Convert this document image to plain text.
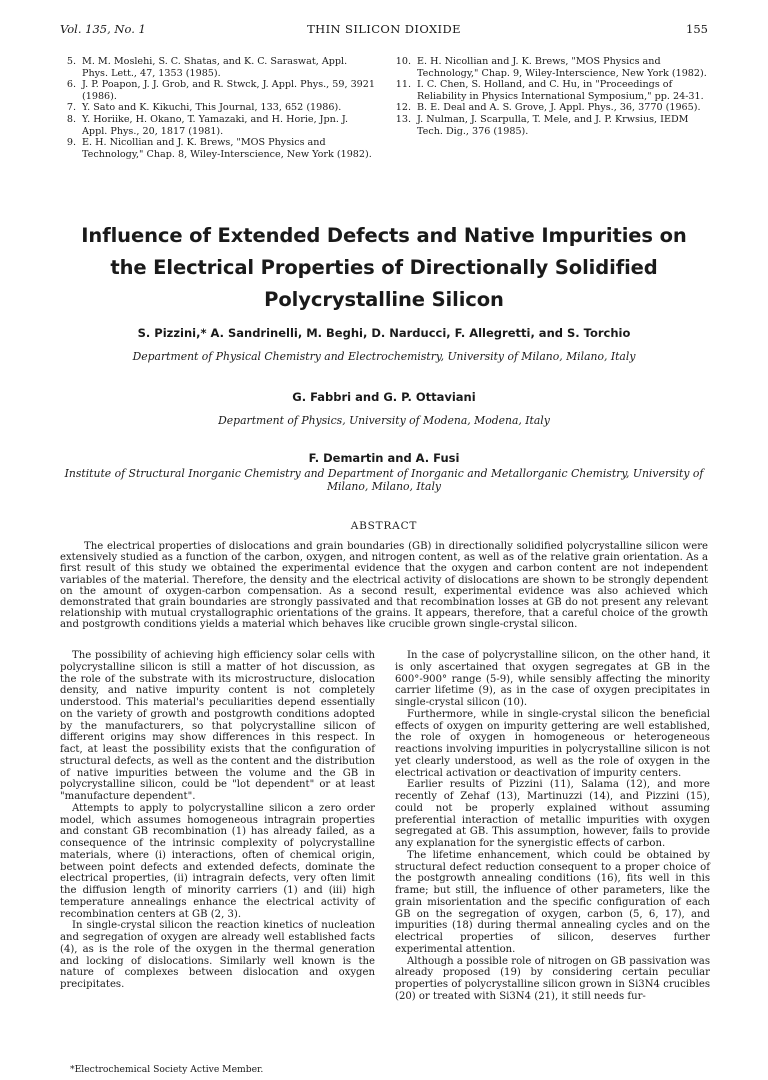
Vol. 135, No. 1	THIN SILICON DIOXIDE	155

5. M. M. Moslehi, S. C. Shatas, and K. C. Saraswat, Appl. Phys. Lett., 47, 1353 (1985).

6. J. P. Poapon, J. J. Grob, and R. Stwck, J. Appl. Phys., 59, 3921 (1986).

7. Y. Sato and K. Kikuchi, This Journal, 133, 652 (1986).

8. Y. Horiike, H. Okano, T. Yamazaki, and H. Horie, Jpn. J. Appl. Phys., 20, 1817 (1981).

9. E. H. Nicollian and J. K. Brews, "MOS Physics and Technology," Chap. 8, Wiley-Interscience, New York (1982).

10. E. H. Nicollian and J. K. Brews, "MOS Physics and Technology," Chap. 9, Wiley-Interscience, New York (1982).

11. I. C. Chen, S. Holland, and C. Hu, in "Proceedings of Reliability in Physics International Symposium," pp. 24-31.

12. B. E. Deal and A. S. Grove, J. Appl. Phys., 36, 3770 (1965).

13. J. Nulman, J. Scarpulla, T. Mele, and J. P. Krwsius, IEDM Tech. Dig., 376 (1985).

Influence of Extended Defects and Native Impurities on the Electrical Properties of Directionally Solidified Polycrystalline Silicon
S. Pizzini,* A. Sandrinelli, M. Beghi, D. Narducci, F. Allegretti, and S. Torchio
Department of Physical Chemistry and Electrochemistry, University of Milano, Milano, Italy
G. Fabbri and G. P. Ottaviani
Department of Physics, University of Modena, Modena, Italy
F. Demartin and A. Fusi
Institute of Structural Inorganic Chemistry and Department of Inorganic and Metallorganic Chemistry, University of Milano, Milano, Italy
ABSTRACT

The electrical properties of dislocations and grain boundaries (GB) in directionally solidified polycrystalline silicon were extensively studied as a function of the carbon, oxygen, and nitrogen content, as well as of the relative grain orientation. As a first result of this study we obtained the experimental evidence that the oxygen and carbon content are not independent variables of the material. Therefore, the density and the electrical activity of dislocations are shown to be strongly dependent on the amount of oxygen-carbon compensation. As a second result, experimental evidence was also achieved which demonstrated that grain boundaries are strongly passivated and that recombination losses at GB do not present any relevant relationship with mutual crystallographic orientations of the grains. It appears, therefore, that a careful choice of the growth and postgrowth conditions yields a material which behaves like crucible grown single-crystal silicon.

The possibility of achieving high efficiency solar cells with polycrystalline silicon is still a matter of hot discussion, as the role of the substrate with its microstructure, dislocation density, and native impurity content is not completely understood. This material's peculiarities depend essentially on the variety of growth and postgrowth conditions adopted by the manufacturers, so that polycrystalline silicon of different origins may show differences in this respect. In fact, at least the possibility exists that the configuration of structural defects, as well as the content and the distribution of native impurities between the volume and the GB in polycrystalline silicon, could be "lot dependent" or at least "manufacture dependent".

Attempts to apply to polycrystalline silicon a zero order model, which assumes homogeneous intragrain properties and constant GB recombination (1) has already failed, as a consequence of the intrinsic complexity of polycrystalline materials, where (i) interactions, often of chemical origin, between point defects and extended defects, dominate the electrical properties, (ii) intragrain defects, very often limit the diffusion length of minority carriers (1) and (iii) high temperature annealings enhance the electrical activity of recombination centers at GB (2, 3).

In single-crystal silicon the reaction kinetics of nucleation and segregation of oxygen are already well established facts (4), as is the role of the oxygen in the thermal generation and locking of dislocations. Similarly well known is the nature of complexes between dislocation and oxygen precipitates.

In the case of polycrystalline silicon, on the other hand, it is only ascertained that oxygen segregates at GB in the 600°-900° range (5-9), while sensibly affecting the minority carrier lifetime (9), as in the case of oxygen precipitates in single-crystal silicon (10).

Furthermore, while in single-crystal silicon the beneficial effects of oxygen on impurity gettering are well established, the role of oxygen in homogeneous or heterogeneous reactions involving impurities in polycrystalline silicon is not yet clearly understood, as well as the role of oxygen in the electrical activation or deactivation of impurity centers.

Earlier results of Pizzini (11), Salama (12), and more recently of Zehaf (13), Martinuzzi (14), and Pizzini (15), could not be properly explained without assuming preferential interaction of metallic impurities with oxygen segregated at GB. This assumption, however, fails to provide any explanation for the synergistic effects of carbon.

The lifetime enhancement, which could be obtained by structural defect reduction consequent to a proper choice of the postgrowth annealing conditions (16), fits well in this frame; but still, the influence of other parameters, like the grain misorientation and the specific configuration of each GB on the segregation of oxygen, carbon (5, 6, 17), and impurities (18) during thermal annealing cycles and on the electrical properties of silicon, deserves further experimental attention.

Although a possible role of nitrogen on GB passivation was already proposed (19) by considering certain peculiar properties of polycrystalline silicon grown in Si3N4 crucibles (20) or treated with Si3N4 (21), it still needs fur-

*Electrochemical Society Active Member.
